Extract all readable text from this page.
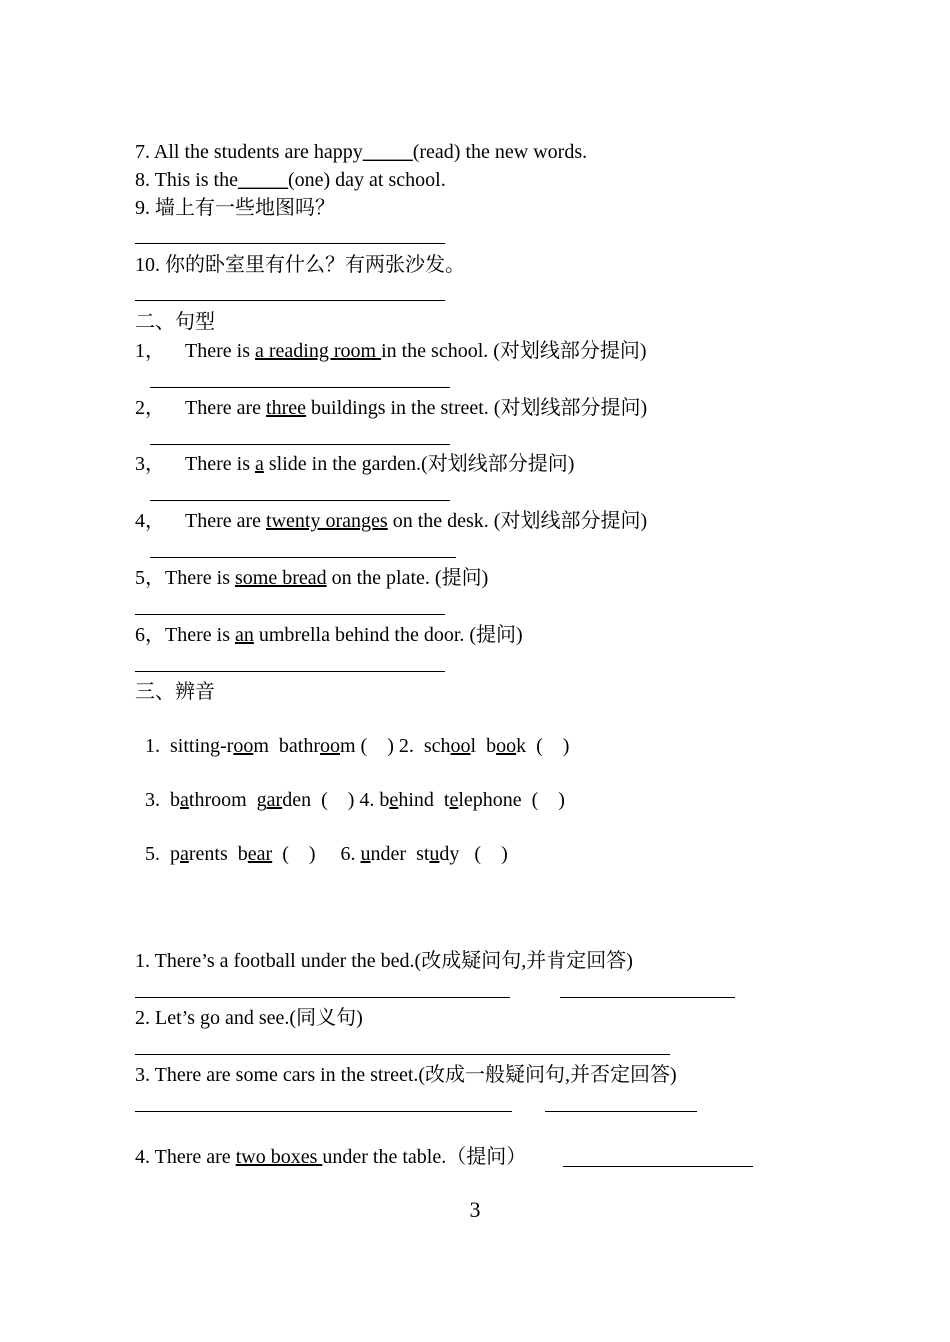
7. All the students are happy_____(read) the new words.
8. This is the_____(one) day at school.
9. 墙上有一些地图吗？
10. 你的卧室里有什么？有两张沙发。
二、句型
1， There is a reading room in the school. (对划线部分提问)
2， There are three buildings in the street. (对划线部分提问)
3， There is a slide in the garden.(对划线部分提问)
4， There are twenty oranges on the desk. (对划线部分提问)
5，There is some bread on the plate. (提问)
6，There is an umbrella behind the door. (提问)
三、辨音
1.  sitting-room  bathroom (    ) 2.  school  book  (    )
3.  bathroom  garden  (    ) 4. behind  telephone  (    )
5.  parents  bear  (    )     6. under  study   (    )
1. There’s a football under the bed.(改成疑问句,并肯定回答)
2. Let’s go and see.(同义句)
3. There are some cars in the street.(改成一般疑问句,并否定回答)
4. There are two boxes under the table.（提问）
3
